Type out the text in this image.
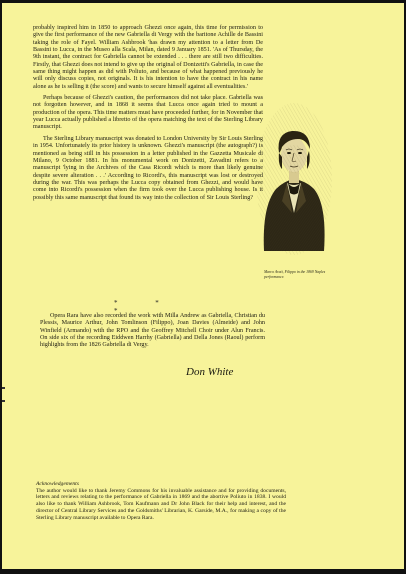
probably inspired him in 1850 to approach Ghezzi once again, this time for permission to give the first performance of the new Gabriella di Vergy with the baritone Achille de Bassini taking the role of Fayel. William Ashbrook 'has drawn my attention to a letter from De Bassini to Lucca, in the Museo alla Scala, Milan, dated 9 January 1851. 'As of Thursday, the 9th instant, the contract for Gabriella cannot be extended . . . there are still two difficulties. Firstly, that Ghezzi does not intend to give up the original of Donizetti's Gabriella, in case the same thing might happen as did with Poliuto, and because of what happened previously he will only discuss copies, not originals. It is his intention to have the contract in his name alone as he is selling it (the score) and wants to secure himself against all eventualities.'

Perhaps because of Ghezzi's caution, the performances did not take place. Gabriella was not forgotten however, and in 1868 it seems that Lucca once again tried to mount a production of the opera. This time matters must have proceeded further, for in November that year Lucca actually published a libretto of the opera matching the text of the Sterling Library manuscript.

The Sterling Library manuscript was donated to London University by Sir Louis Sterling in 1954. Unfortunately its prior history is unknown. Ghezzi's manuscript (the autograph?) is mentioned as being still in his possession in a letter published in the Gazzetta Musicale di Milano, 9 October 1881. In his monumental work on Donizetti, Zavadini refers to a manuscript 'lying in the Archives of the Casa Ricordi which is more than likely genuine despite severe alteration . . .' According to Ricordi's, this manuscript was lost or destroyed during the war. This was perhaps the Lucca copy obtained from Ghezzi, and would have come into Ricordi's possession when the firm took over the Lucca publishing house. Is it possibly this same manuscript that found its way into the collection of Sir Louis Sterling?

* * *

Opera Rara have also recorded the work with Milla Andrew as Gabriella, Christian du Plessis, Maurice Arthur, John Tomlinson (Filippo), Joan Davies (Almeide) and John Winfield (Armando) with the RPO and the Geoffrey Mitchell Choir under Alun Francis. On side six of the recording Eiddwen Harrhy (Gabriella) and Della Jones (Raoul) perform highlights from the 1826 Gabriella di Vergy.

Don White
Marco Arati, Filippo in the 1869 Naples performance.
Acknowledgements
The author would like to thank Jeremy Commons for his invaluable assistance and for providing documents, letters and reviews relating to the performance of Gabriella in 1869 and the abortive Poliuto in 1838. I would also like to thank William Ashbrook, Tom Kaufmann and Dr John Black for their help and interest, and the director of Central Library Services and the Goldsmiths' Librarian, K. Garside, M.A., for making a copy of the Sterling Library manuscript available to Opera Rara.
